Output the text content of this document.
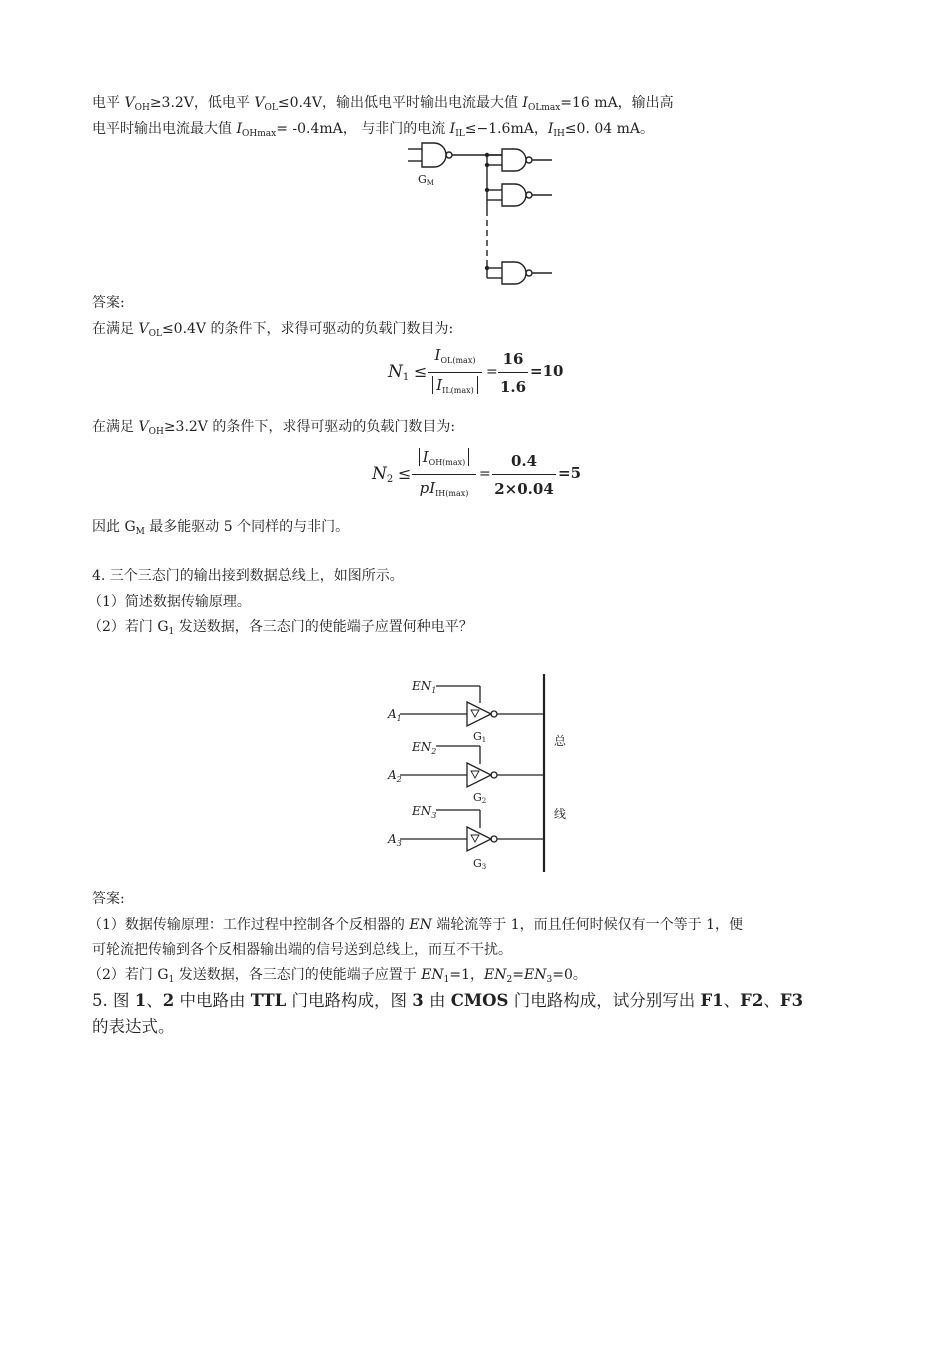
电平 $V_{OH}\ge 3.2V$，低电平 $V_{OL}\le 0.4V$，输出低电平时输出电流最大值 $I_{OLmax}=16$ mA，输出高
电平时输出电流最大值 $I_{OHmax}= -0.4mA$， 与非门的电流 $I_{IL}\le-1.6mA$，$I_{IH}\le 0$. 04 mA。
GM
答案:
在满足 $V_{OL}\le 0.4V$ 的条件下，求得可驱动的负载门数目为:
$N_1$ ≤
$I_{OL(max)}$
$I_{IL(max)}$
=
16
1.6
=10
在满足 $V_{OH}\ge 3.2V$ 的条件下，求得可驱动的负载门数目为:
$N_2$ ≤
$I_{OH(max)}$
$pI_{IH(max)}$
=
0.4
2×0.04
=5
因此 $G_M$ 最多能驱动 5 个同样的与非门。
4. 三个三态门的输出接到数据总线上，如图所示。
（1）简述数据传输原理。
（2）若门 $G_1$ 发送数据，各三态门的使能端子应置何种电平？
$EN_1$
$A_1$
G1
$EN_2$
$A_2$
G2
$EN_3$
$A_3$
G3
总
线
答案:
（1）数据传输原理：工作过程中控制各个反相器的 EN 端轮流等于 1，而且任何时候仅有一个等于 1，便
可轮流把传输到各个反相器输出端的信号送到总线上，而互不干扰。
（2）若门 $G_1$ 发送数据，各三态门的使能端子应置于 $EN_1=1$，$EN_2=EN_3=0$。
5. 图 1、2 中电路由 TTL 门电路构成，图 3 由 CMOS 门电路构成，试分别写出 F1、F2、F3
的表达式。
